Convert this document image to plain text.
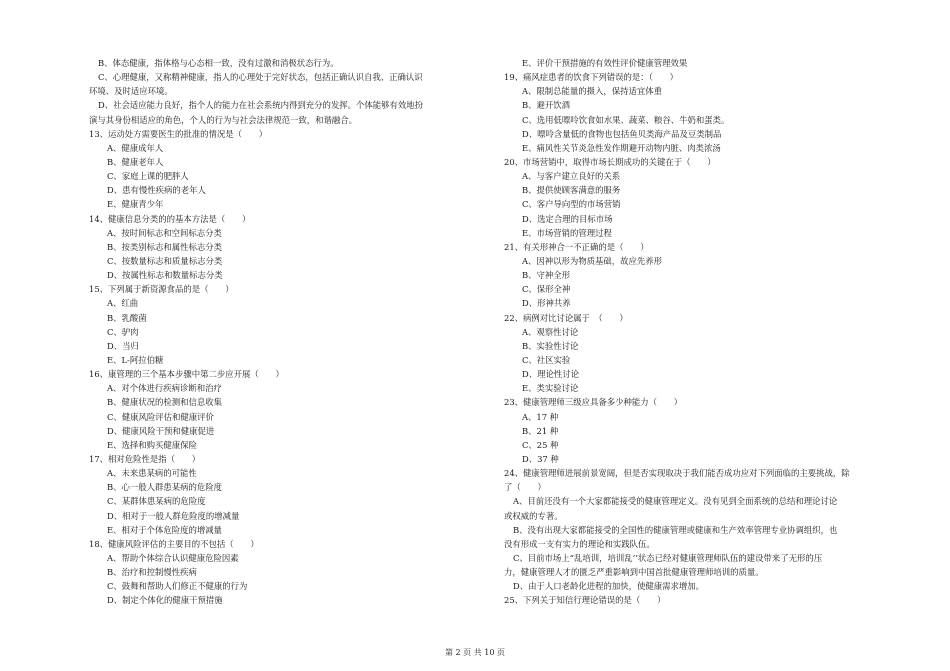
B、体态健康，指体格与心态相一致，没有过激和消极状态行为。
C、心理健康，又称精神健康，指人的心理处于完好状态，包括正确认识自我、正确认识
环境、及时适应环境。
D、社会适应能力良好，指个人的能力在社会系统内得到充分的发挥。个体能够有效地扮
演与其身份相适应的角色，个人的行为与社会法律规范一致，和谐融合。
13、运动处方需要医生的批准的情况是（　　）
A、健康成年人
B、健康老年人
C、家庭上课的肥胖人
D、患有慢性疾病的老年人
E、健康青少年
14、健康信息分类的的基本方法是（　　）
A、按时间标志和空间标志分类
B、按类别标志和属性标志分类
C、按数量标志和质量标志分类
D、按属性标志和数量标志分类
15、下列属于新资源食品的是（　　）
A、红曲
B、乳酸菌
C、驴肉
D、当归
E、L-阿拉伯糖
16、康管理的三个基本步骤中第二步应开展（　　）
A、对个体进行疾病诊断和治疗
B、健康状况的检测和信息收集
C、健康风险评估和健康评价
D、健康风险干预和健康促进
E、选择和购买健康保险
17、相对危险性是指（　　）
A、未来患某病的可能性
B、心一般人群患某病的危险度
C、某群体患某病的危险度
D、相对于一般人群危险度的增减量
E、相对于个体危险度的增减量
18、健康风险评估的主要目的不包括（　　）
A、帮助个体综合认识健康危险因素
B、治疗和控制慢性疾病
C、鼓舞和帮助人们修正不健康的行为
D、制定个体化的健康干预措施
E、评价干预措施的有效性评价健康管理效果
19、痛风症患者的饮食下列错误的是：（　　）
A、限制总能量的摄入，保持适宜体重
B、避开饮酒
C、选用低嘌呤饮食如水果、蔬菜、粮谷、牛奶和蛋类。
D、嘌呤含量低的食物也包括鱼贝类海产品及豆类制品
E、痛风性关节炎急性发作期避开动物内脏、肉类浓汤
20、市场营销中，取得市场长期成功的关键在于（　　）
A、与客户建立良好的关系
B、提供使顾客满意的服务
C、客户导向型的市场营销
D、选定合理的目标市场
E、市场营销的管理过程
21、有关形神合一不正确的是（　　）
A、因神以形为物质基础，故应先养形
B、守神全形
C、保形全神
D、形神共养
22、病例对比讨论属于　（　　）
A、观察性讨论
B、实验性讨论
C、社区实验
D、理论性讨论
E、类实验讨论
23、健康管理师三级应具备多少种能力（　　）
A、17 种
B、21 种
C、25 种
D、37 种
24、健康管理师进展前景宽阔，但是否实现取决于我们能否成功应对下列面临的主要挑战，除
了（　　）
A、目前还没有一个大家都能接受的健康管理定义。没有见到全面系统的总结和理论讨论
或权威的专著。
B、没有出现大家都能接受的全国性的健康管理或健康和生产效率管理专业协调组织，也
没有形成一支有实力的理论和实践队伍。
C、目前市场上“乱培训，培训乱’’状态已经对健康管理师队伍的建设带来了无形的压
力，健康管理人才的匮乏严重影响到中国首批健康管理师培训的质量。
D、由于人口老龄化进程的加快，使健康需求增加。
25、下列关于知信行理论错误的是（　　）
第 2 页 共 10 页
